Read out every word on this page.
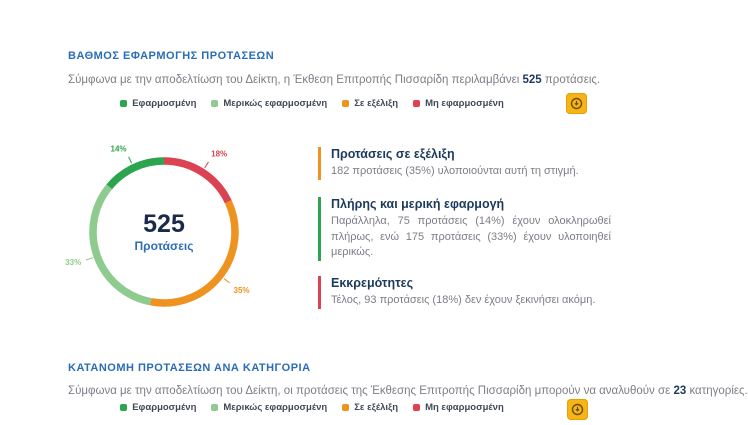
ΒΑΘΜΟΣ ΕΦΑΡΜΟΓΗΣ ΠΡΟΤΑΣΕΩΝ
Σύμφωνα με την αποδελτίωση του Δείκτη, η Έκθεση Επιτροπής Πισσαρίδη περιλαμβάνει 525 προτάσεις.
Εφαρμοσμένη	Μερικώς εφαρμοσμένη	Σε εξέλιξη	Μη εφαρμοσμένη
18%
35%
33%
14%
525
Προτάσεις

Προτάσεις σε εξέλιξη

182 προτάσεις (35%) υλοποιούνται αυτή τη στιγμή.

Πλήρης και μερική εφαρμογή

Παράλληλα, 75 προτάσεις (14%) έχουν ολοκληρωθεί πλήρως, ενώ 175 προτάσεις (33%) έχουν υλοποιηθεί μερικώς.

Εκκρεμότητες

Τέλος, 93 προτάσεις (18%) δεν έχουν ξεκινήσει ακόμη.

ΚΑΤΑΝΟΜΗ ΠΡΟΤΑΣΕΩΝ ΑΝΑ ΚΑΤΗΓΟΡΙΑ
Σύμφωνα με την αποδελτίωση του Δείκτη, οι προτάσεις της Έκθεσης Επιτροπής Πισσαρίδη μπορούν να αναλυθούν σε 23 κατηγορίες.
Εφαρμοσμένη	Μερικώς εφαρμοσμένη	Σε εξέλιξη	Μη εφαρμοσμένη
